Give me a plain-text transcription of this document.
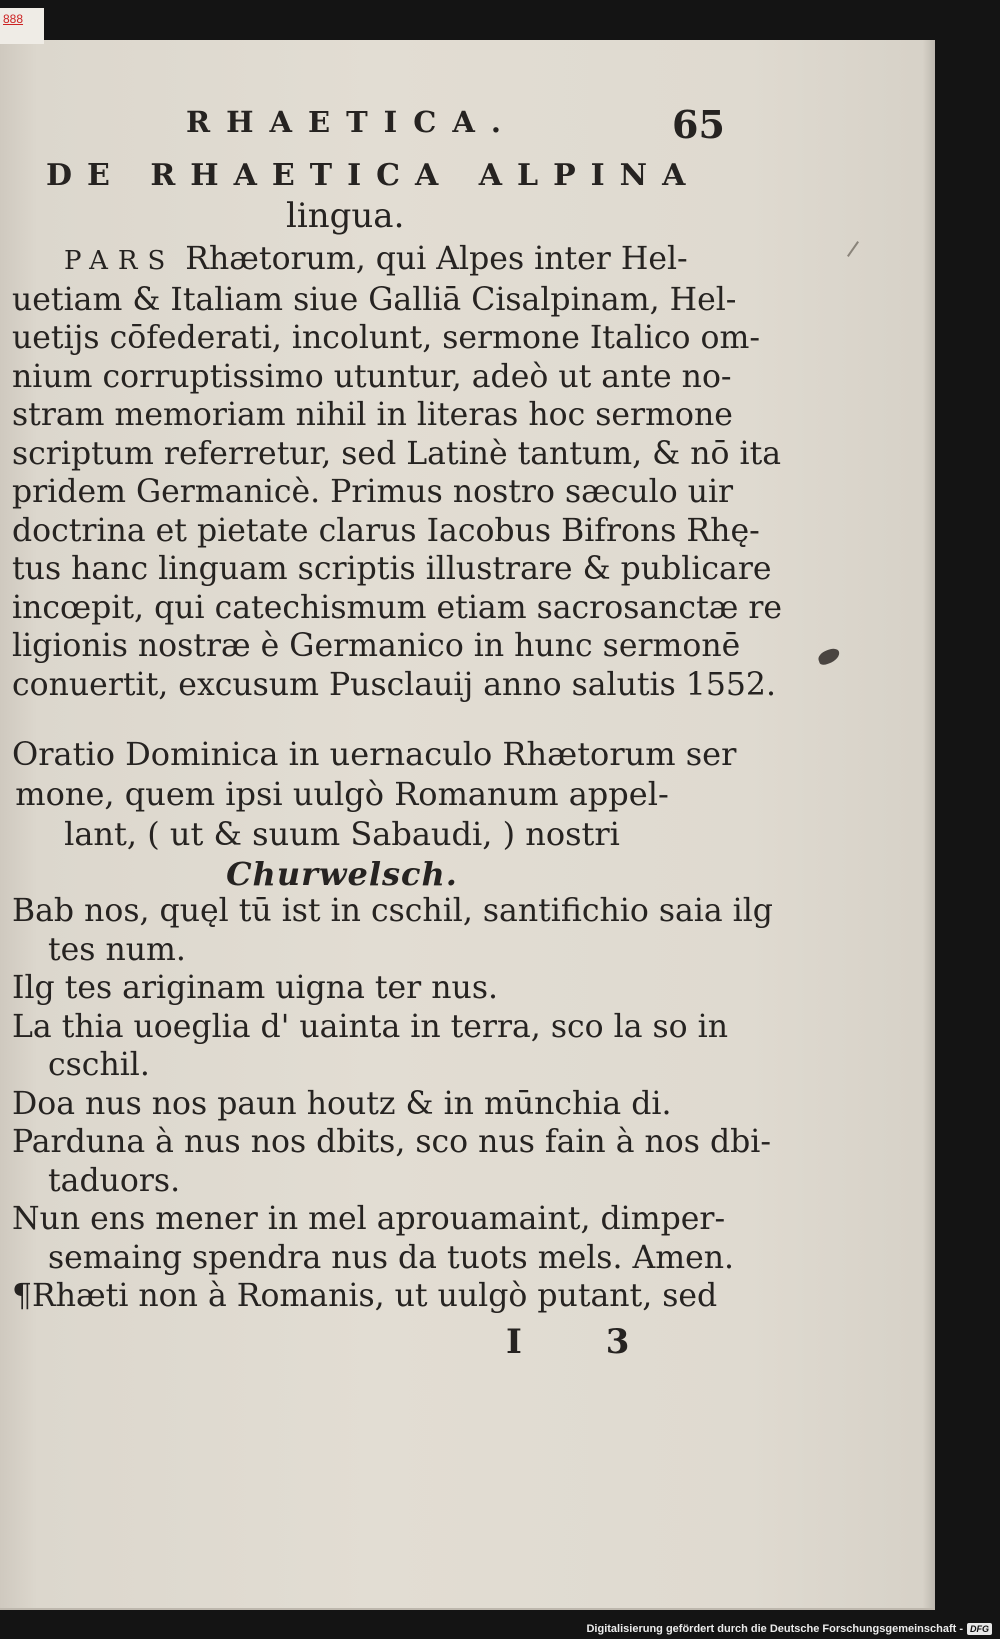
888
RHAETICA.	65
DE RHAETICA ALPINA
lingua.
PARS Rhætorum, qui Alpes inter Hel-
uetiam & Italiam siue Galliā Cisalpinam, Hel-
uetijs cōfederati, incolunt, sermone Italico om-
nium corruptissimo utuntur, adeò ut ante no-
stram memoriam nihil in literas hoc sermone
scriptum referretur, sed Latinè tantum, & nō ita
pridem Germanicè. Primus nostro sæculo uir
doctrina et pietate clarus Iacobus Bifrons Rhę-
tus hanc linguam scriptis illustrare & publicare
incœpit, qui catechismum etiam sacrosanctæ re
ligionis nostræ è Germanico in hunc sermonē
conuertit, excusum Pusclauij anno salutis 1552.
Oratio Dominica in uernaculo Rhætorum ser
mone, quem ipsi uulgò Romanum appel-
lant, ( ut & suum Sabaudi, ) nostri
Churwelsch.
Bab nos, quęl tū ist in cschil, santifichio saia ilg
tes num.
Ilg tes ariginam uigna ter nus.
La thia uoeglia d' uainta in terra, sco la so in
cschil.
Doa nus nos paun houtz & in mūnchia di.
Parduna à nus nos dbits, sco nus fain à nos dbi-
taduors.
Nun ens mener in mel aprouamaint, dimper-
semaing spendra nus da tuots mels. Amen.
¶Rhæti non à Romanis, ut uulgò putant, sed
I 3
Digitalisierung gefördert durch die Deutsche Forschungsgemeinschaft - DFG
